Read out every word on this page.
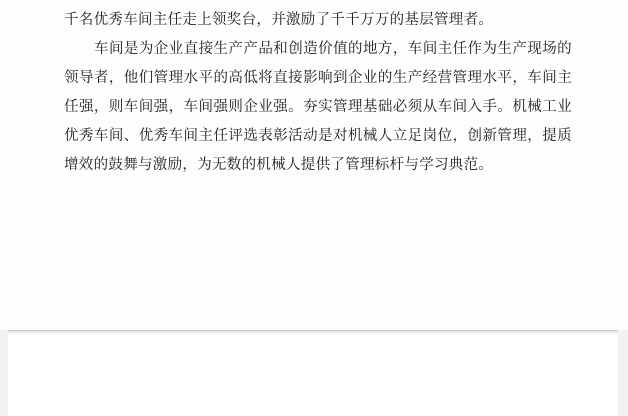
千名优秀车间主任走上领奖台，并激励了千千万万的基层管理者。

车间是为企业直接生产产品和创造价值的地方，车间主任作为生产现场的领导者，他们管理水平的高低将直接影响到企业的生产经营管理水平，车间主任强，则车间强，车间强则企业强。夯实管理基础必须从车间入手。机械工业优秀车间、优秀车间主任评选表彰活动是对机械人立足岗位，创新管理，提质增效的鼓舞与激励，为无数的机械人提供了管理标杆与学习典范。
